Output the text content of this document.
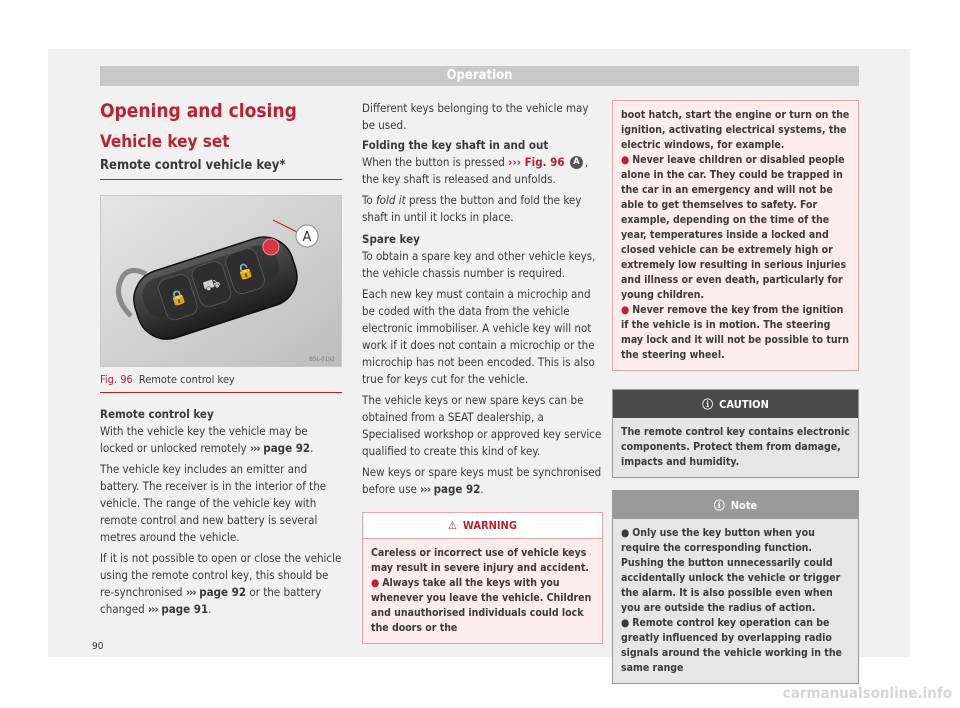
Operation
Opening and closing
Vehicle key set
Remote control vehicle key*
🔒
⛟
🔓
A
B5L-0192
Fig. 96 Remote control key
Remote control key

With the vehicle key the vehicle may be locked or unlocked remotely ››› page 92.

The vehicle key includes an emitter and battery. The receiver is in the interior of the vehicle. The range of the vehicle key with remote control and new battery is several metres around the vehicle.

If it is not possible to open or close the vehicle using the remote control key, this should be re-synchronised ››› page 92 or the battery changed ››› page 91.

Different keys belonging to the vehicle may be used.

Folding the key shaft in and out

When the button is pressed ››› Fig. 96 A , the key shaft is released and unfolds.

To fold it press the button and fold the key shaft in until it locks in place.

Spare key

To obtain a spare key and other vehicle keys, the vehicle chassis number is required.

Each new key must contain a microchip and be coded with the data from the vehicle electronic immobiliser. A vehicle key will not work if it does not contain a microchip or the microchip has not been encoded. This is also true for keys cut for the vehicle.

The vehicle keys or new spare keys can be obtained from a SEAT dealership, a Specialised workshop or approved key service qualified to create this kind of key.

New keys or spare keys must be synchronised before use ››› page 92.

⚠ WARNING
Careless or incorrect use of vehicle keys may result in severe injury and accident.
● Always take all the keys with you whenever you leave the vehicle. Children and unauthorised individuals could lock the doors or the
boot hatch, start the engine or turn on the ignition, activating electrical systems, the electric windows, for example.
● Never leave children or disabled people alone in the car. They could be trapped in the car in an emergency and will not be able to get themselves to safety. For example, depending on the time of the year, temperatures inside a locked and closed vehicle can be extremely high or extremely low resulting in serious injuries and illness or even death, particularly for young children.
● Never remove the key from the ignition if the vehicle is in motion. The steering may lock and it will not be possible to turn the steering wheel.
ⓘ CAUTION
The remote control key contains electronic components. Protect them from damage, impacts and humidity.
ⓘ Note
● Only use the key button when you require the corresponding function. Pushing the button unnecessarily could accidentally unlock the vehicle or trigger the alarm. It is also possible even when you are outside the radius of action.
● Remote control key operation can be greatly influenced by overlapping radio signals around the vehicle working in the same range
90
carmanualsonline.info
